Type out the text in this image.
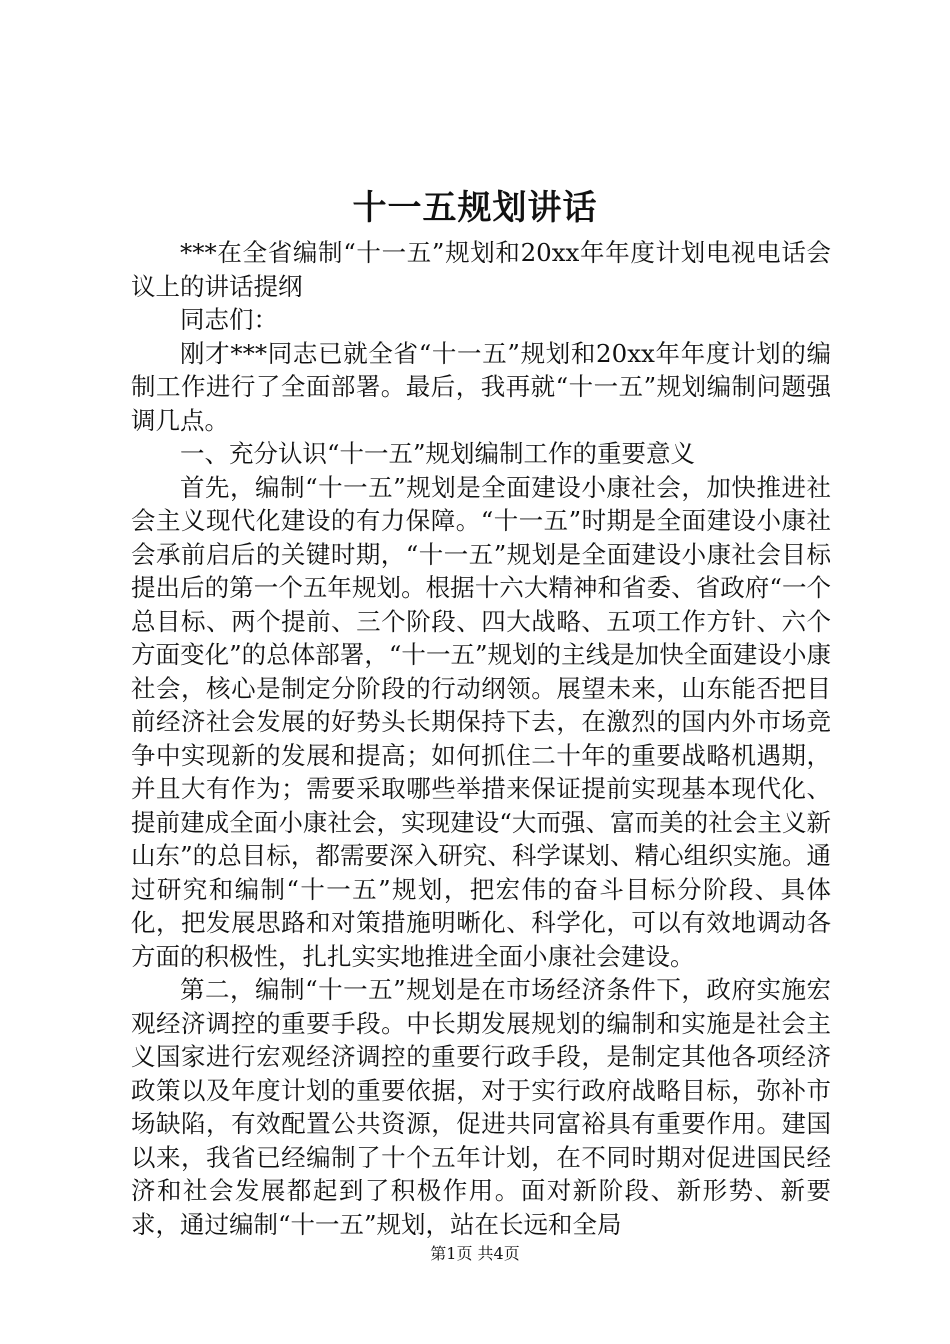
十一五规划讲话

***在全省编制“十一五”规划和20xx年年度计划电视电话会议上的讲话提纲

同志们：

刚才***同志已就全省“十一五”规划和20xx年年度计划的编制工作进行了全面部署。最后，我再就“十一五”规划编制问题强调几点。

一、充分认识“十一五”规划编制工作的重要意义

首先，编制“十一五”规划是全面建设小康社会，加快推进社会主义现代化建设的有力保障。“十一五”时期是全面建设小康社会承前启后的关键时期，“十一五”规划是全面建设小康社会目标提出后的第一个五年规划。根据十六大精神和省委、省政府“一个总目标、两个提前、三个阶段、四大战略、五项工作方针、六个方面变化”的总体部署，“十一五”规划的主线是加快全面建设小康社会，核心是制定分阶段的行动纲领。展望未来，山东能否把目前经济社会发展的好势头长期保持下去，在激烈的国内外市场竞争中实现新的发展和提高；如何抓住二十年的重要战略机遇期，并且大有作为；需要采取哪些举措来保证提前实现基本现代化、提前建成全面小康社会，实现建设“大而强、富而美的社会主义新山东”的总目标，都需要深入研究、科学谋划、精心组织实施。通过研究和编制“十一五”规划，把宏伟的奋斗目标分阶段、具体化，把发展思路和对策措施明晰化、科学化，可以有效地调动各方面的积极性，扎扎实实地推进全面小康社会建设。

第二，编制“十一五”规划是在市场经济条件下，政府实施宏观经济调控的重要手段。中长期发展规划的编制和实施是社会主义国家进行宏观经济调控的重要行政手段，是制定其他各项经济政策以及年度计划的重要依据，对于实行政府战略目标，弥补市场缺陷，有效配置公共资源，促进共同富裕具有重要作用。建国以来，我省已经编制了十个五年计划，在不同时期对促进国民经济和社会发展都起到了积极作用。面对新阶段、新形势、新要求，通过编制“十一五”规划，站在长远和全局

第1页 共4页
